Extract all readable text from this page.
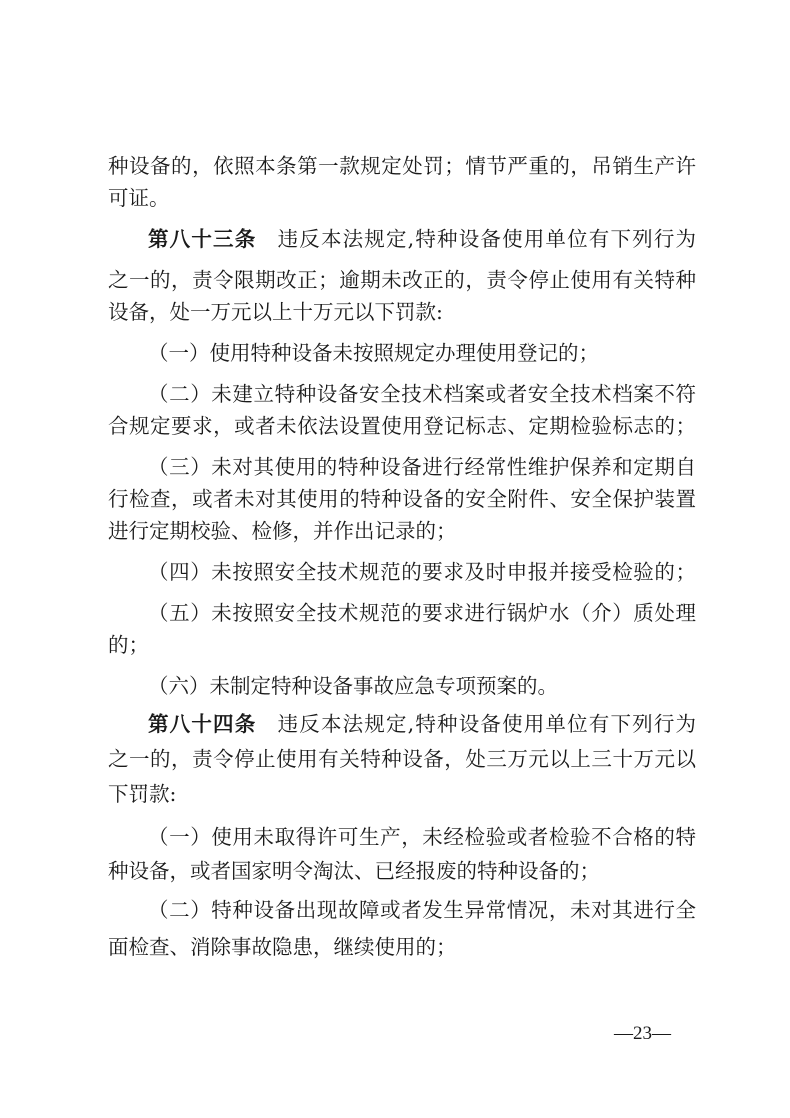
种设备的，依照本条第一款规定处罚；情节严重的，吊销生产许
可证。
第八十三条 违反本法规定,特种设备使用单位有下列行为
之一的，责令限期改正；逾期未改正的，责令停止使用有关特种
设备，处一万元以上十万元以下罚款:
（一）使用特种设备未按照规定办理使用登记的；
（二）未建立特种设备安全技术档案或者安全技术档案不符
合规定要求，或者未依法设置使用登记标志、定期检验标志的；
（三）未对其使用的特种设备进行经常性维护保养和定期自
行检查，或者未对其使用的特种设备的安全附件、安全保护装置
进行定期校验、检修，并作出记录的；
（四）未按照安全技术规范的要求及时申报并接受检验的；
（五）未按照安全技术规范的要求进行锅炉水（介）质处理
的；
（六）未制定特种设备事故应急专项预案的。
第八十四条 违反本法规定,特种设备使用单位有下列行为
之一的，责令停止使用有关特种设备，处三万元以上三十万元以
下罚款:
（一）使用未取得许可生产，未经检验或者检验不合格的特
种设备，或者国家明令淘汰、已经报废的特种设备的；
（二）特种设备出现故障或者发生异常情况，未对其进行全
面检查、消除事故隐患，继续使用的；
—23—
